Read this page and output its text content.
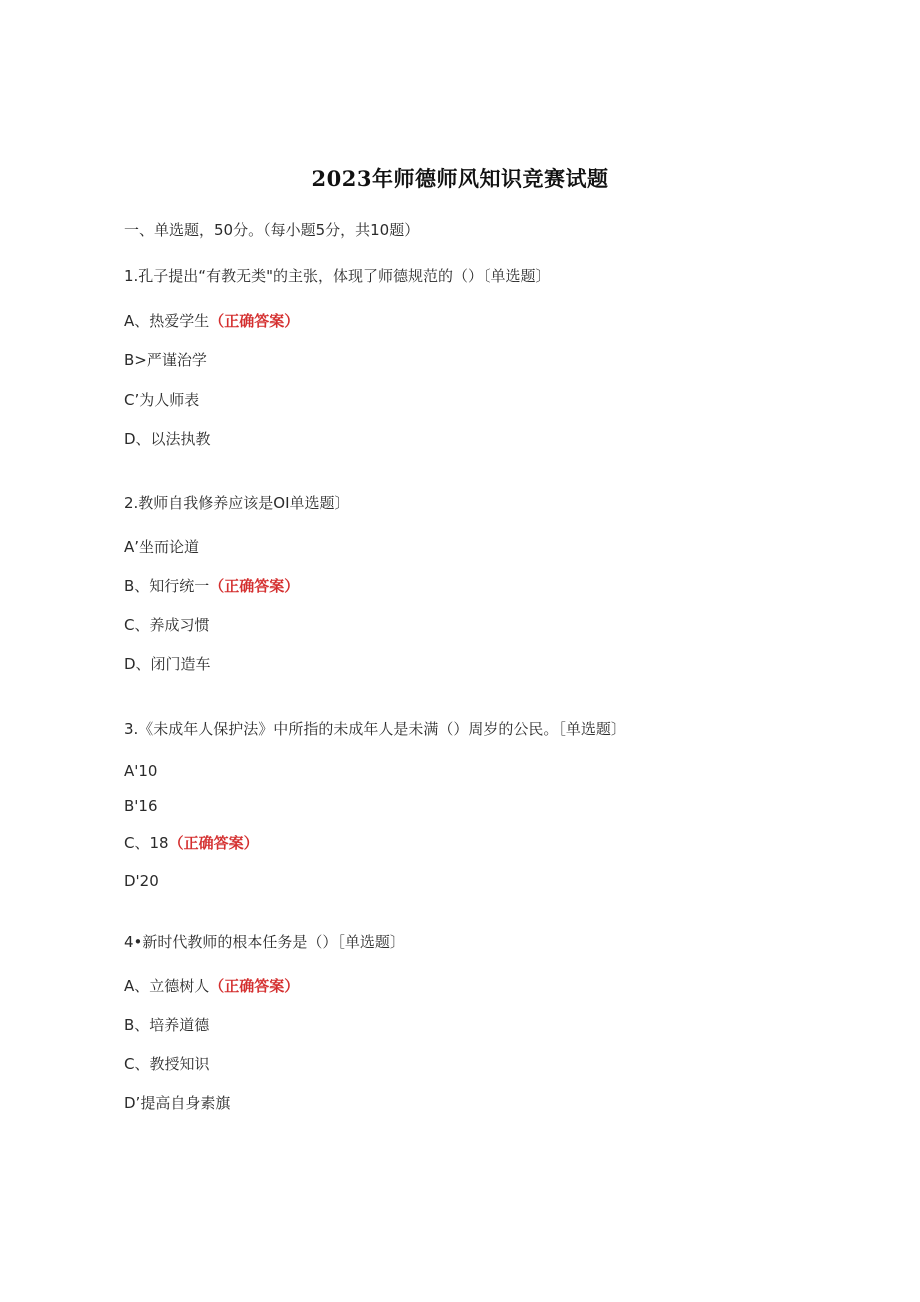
2023年师德师风知识竞赛试题
一、单选题，50分。（每小题5分，共10题）
1.孔子提出“有教无类"的主张，体现了师德规范的（）〔单选题〕
A、热爱学生（正确答案）
B>严谨治学
C’为人师表
D、以法执教
2.教师自我修养应该是OI单选题〕
A’坐而论道
B、知行统一（正确答案）
C、养成习惯
D、闭门造车
3.《未成年人保护法》中所指的未成年人是未满（）周岁的公民。［单选题〕
A'10
B'16
C、18（正确答案）
D'20
4•新时代教师的根本任务是（）［单选题〕
A、立德树人（正确答案）
B、培养道德
C、教授知识
D’提高自身素旗
